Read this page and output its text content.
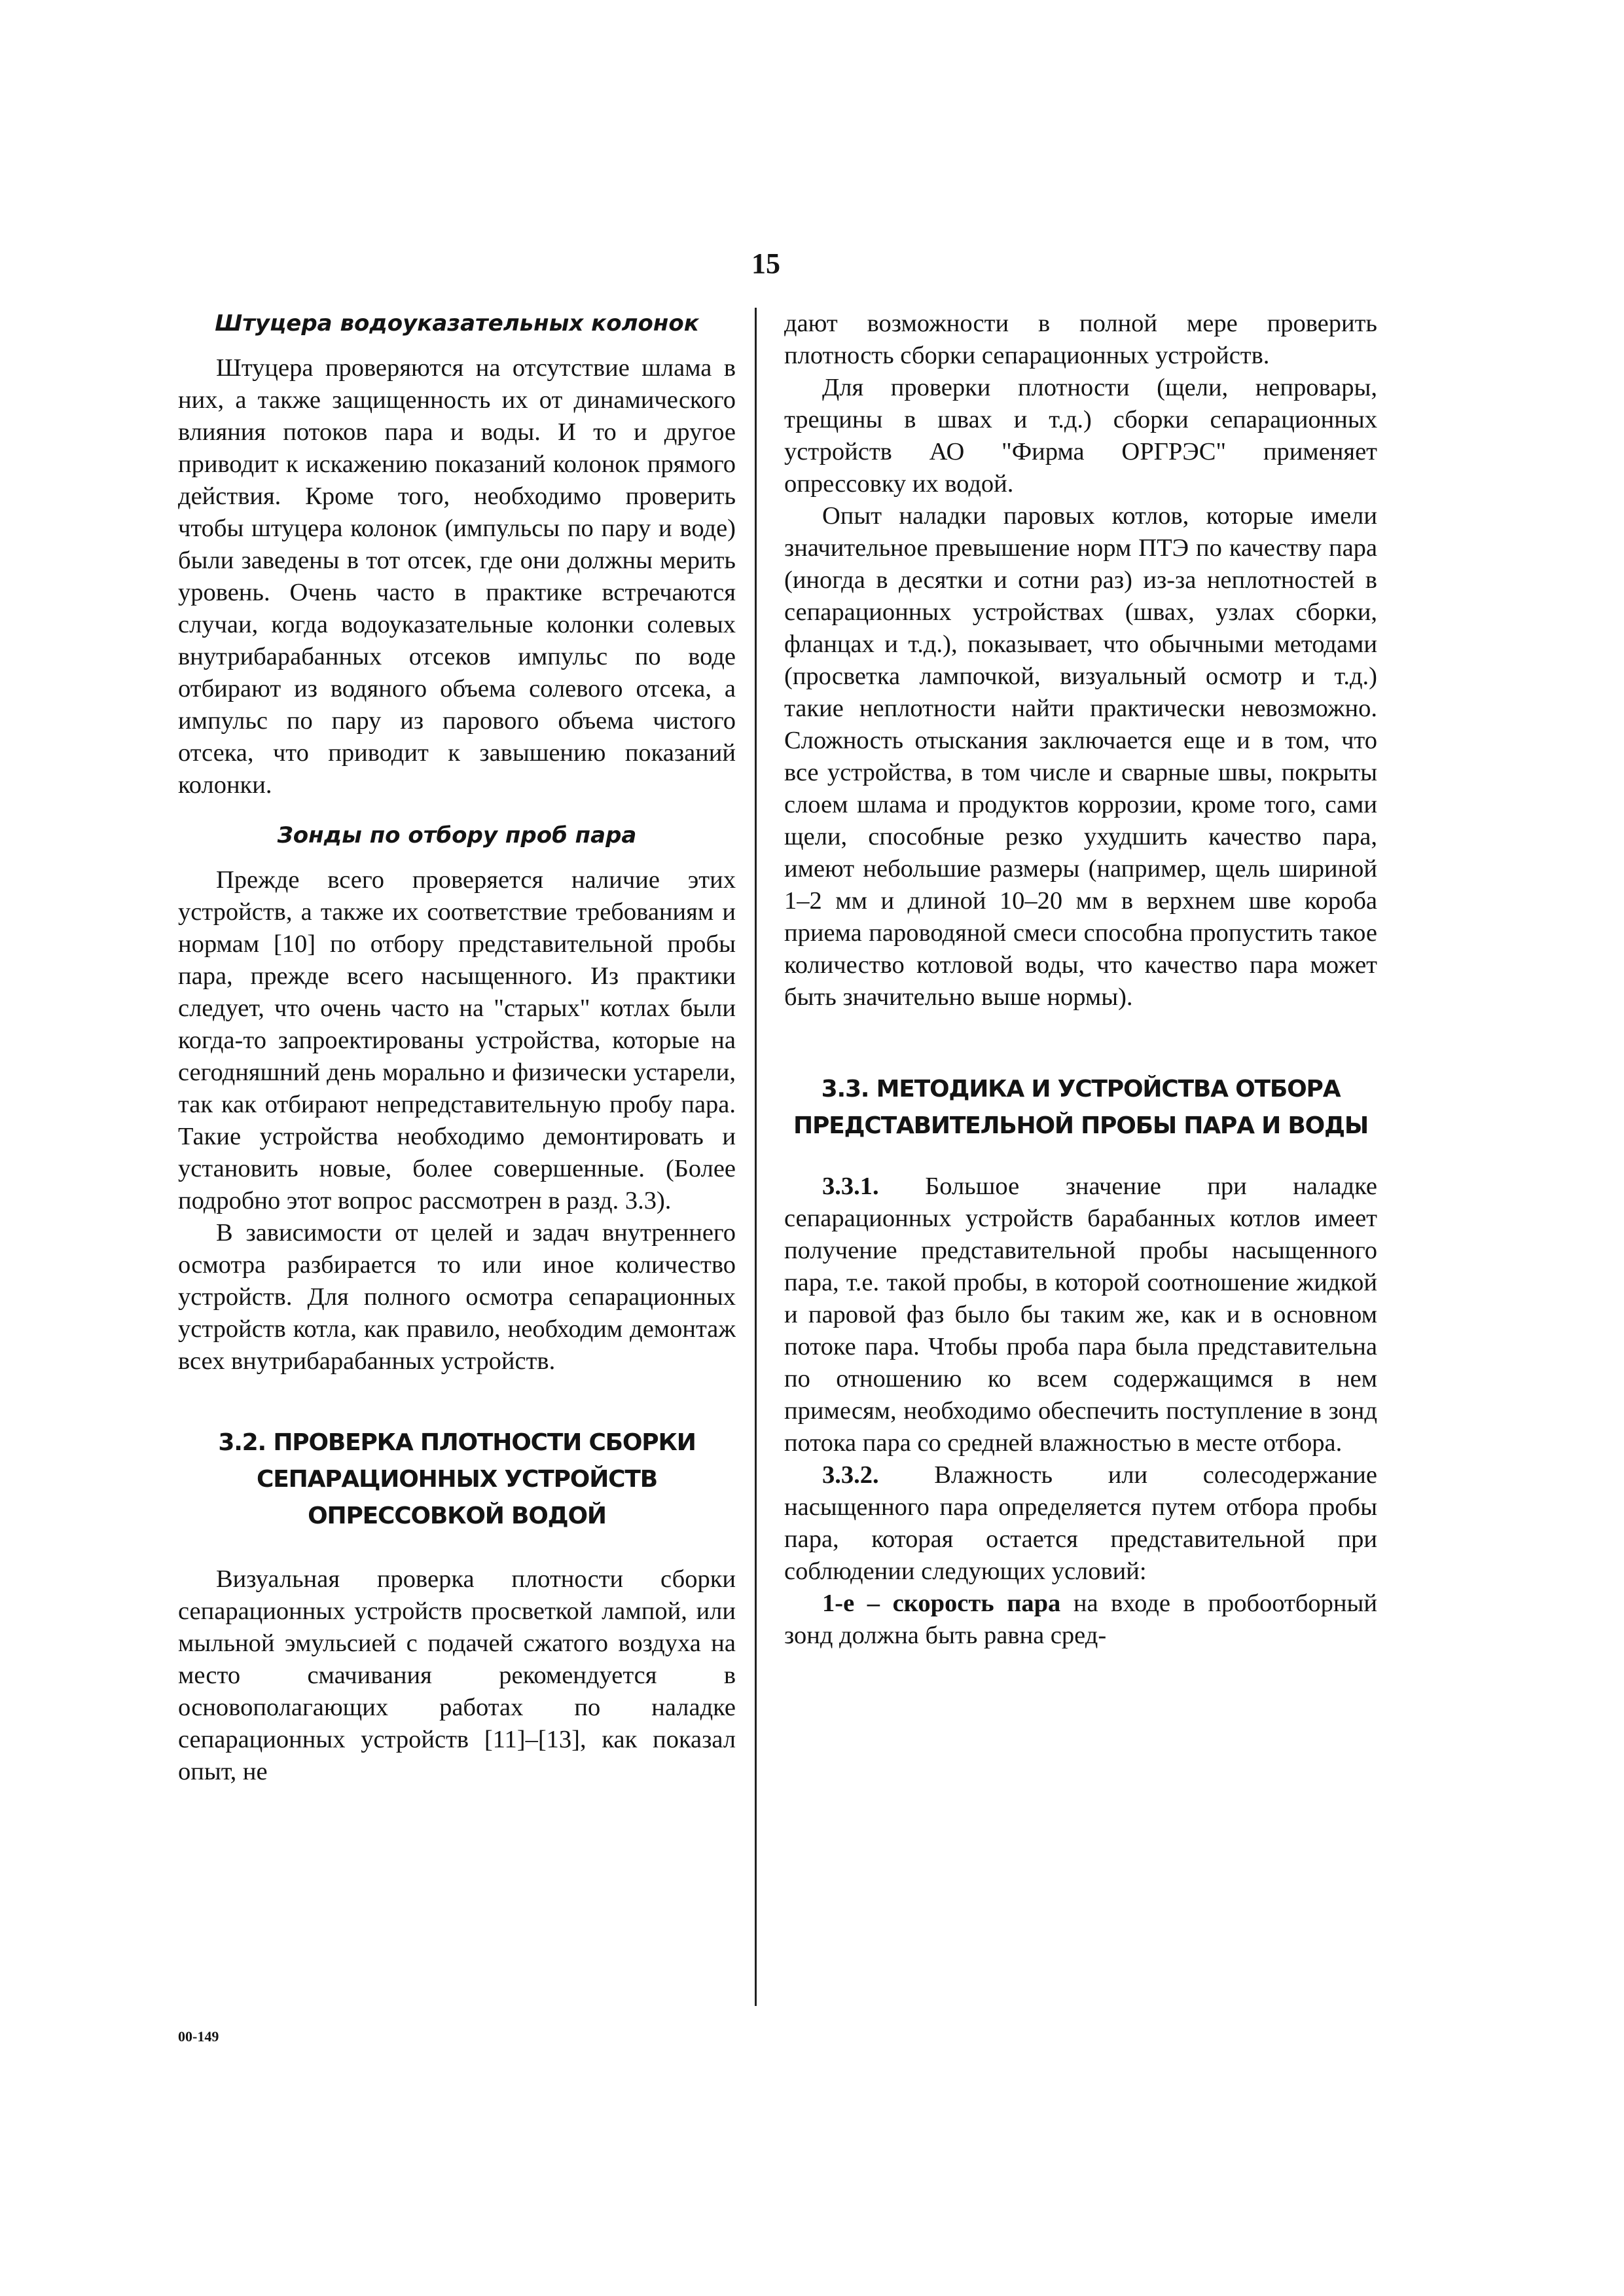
15
Штуцера водоуказательных колонок

Штуцера проверяются на отсутствие шлама в них, а также защищенность их от динамического влияния потоков пара и воды. И то и другое приводит к искажению показаний колонок прямого действия. Кроме того, необходимо проверить чтобы штуцера колонок (импульсы по пару и воде) были заведены в тот отсек, где они должны мерить уровень. Очень часто в практике встречаются случаи, когда водоуказательные колонки солевых внутрибарабанных отсеков импульс по воде отбирают из водяного объема солевого отсека, а импульс по пару из парового объема чистого отсека, что приводит к завышению показаний колонки.

Зонды по отбору проб пара

Прежде всего проверяется наличие этих устройств, а также их соответствие требованиям и нормам [10] по отбору представительной пробы пара, прежде всего насыщенного. Из практики следует, что очень часто на "старых" котлах были когда-то запроектированы устройства, которые на сегодняшний день морально и физически устарели, так как отбирают непредставительную пробу пара. Такие устройства необходимо демонтировать и установить новые, более совершенные. (Более подробно этот вопрос рассмотрен в разд. 3.3).

В зависимости от целей и задач внутреннего осмотра разбирается то или иное количество устройств. Для полного осмотра сепарационных устройств котла, как правило, необходим демонтаж всех внутрибарабанных устройств.

3.2. ПРОВЕРКА ПЛОТНОСТИ СБОРКИ СЕПАРАЦИОННЫХ УСТРОЙСТВ ОПРЕССОВКОЙ ВОДОЙ

Визуальная проверка плотности сборки сепарационных устройств просветкой лампой, или мыльной эмульсией с подачей сжатого воздуха на место смачивания рекомендуется в основополагающих работах по наладке сепарационных устройств [11]–[13], как показал опыт, не

дают возможности в полной мере проверить плотность сборки сепарационных устройств.

Для проверки плотности (щели, непровары, трещины в швах и т.д.) сборки сепарационных устройств АО "Фирма ОРГРЭС" применяет опрессовку их водой.

Опыт наладки паровых котлов, которые имели значительное превышение норм ПТЭ по качеству пара (иногда в десятки и сотни раз) из-за неплотностей в сепарационных устройствах (швах, узлах сборки, фланцах и т.д.), показывает, что обычными методами (просветка лампочкой, визуальный осмотр и т.д.) такие неплотности найти практически невозможно. Сложность отыскания заключается еще и в том, что все устройства, в том числе и сварные швы, покрыты слоем шлама и продуктов коррозии, кроме того, сами щели, способные резко ухудшить качество пара, имеют небольшие размеры (например, щель шириной 1–2 мм и длиной 10–20 мм в верхнем шве короба приема пароводяной смеси способна пропустить такое количество котловой воды, что качество пара может быть значительно выше нормы).

3.3. МЕТОДИКА И УСТРОЙСТВА ОТБОРА ПРЕДСТАВИТЕЛЬНОЙ ПРОБЫ ПАРА И ВОДЫ

3.3.1. Большое значение при наладке сепарационных устройств барабанных котлов имеет получение представительной пробы насыщенного пара, т.е. такой пробы, в которой соотношение жидкой и паровой фаз было бы таким же, как и в основном потоке пара. Чтобы проба пара была представительна по отношению ко всем содержащимся в нем примесям, необходимо обеспечить поступление в зонд потока пара со средней влажностью в месте отбора.

3.3.2. Влажность или солесодержание насыщенного пара определяется путем отбора пробы пара, которая остается представительной при соблюдении следующих условий:

1-е – скорость пара на входе в пробоотборный зонд должна быть равна сред-

00-149
